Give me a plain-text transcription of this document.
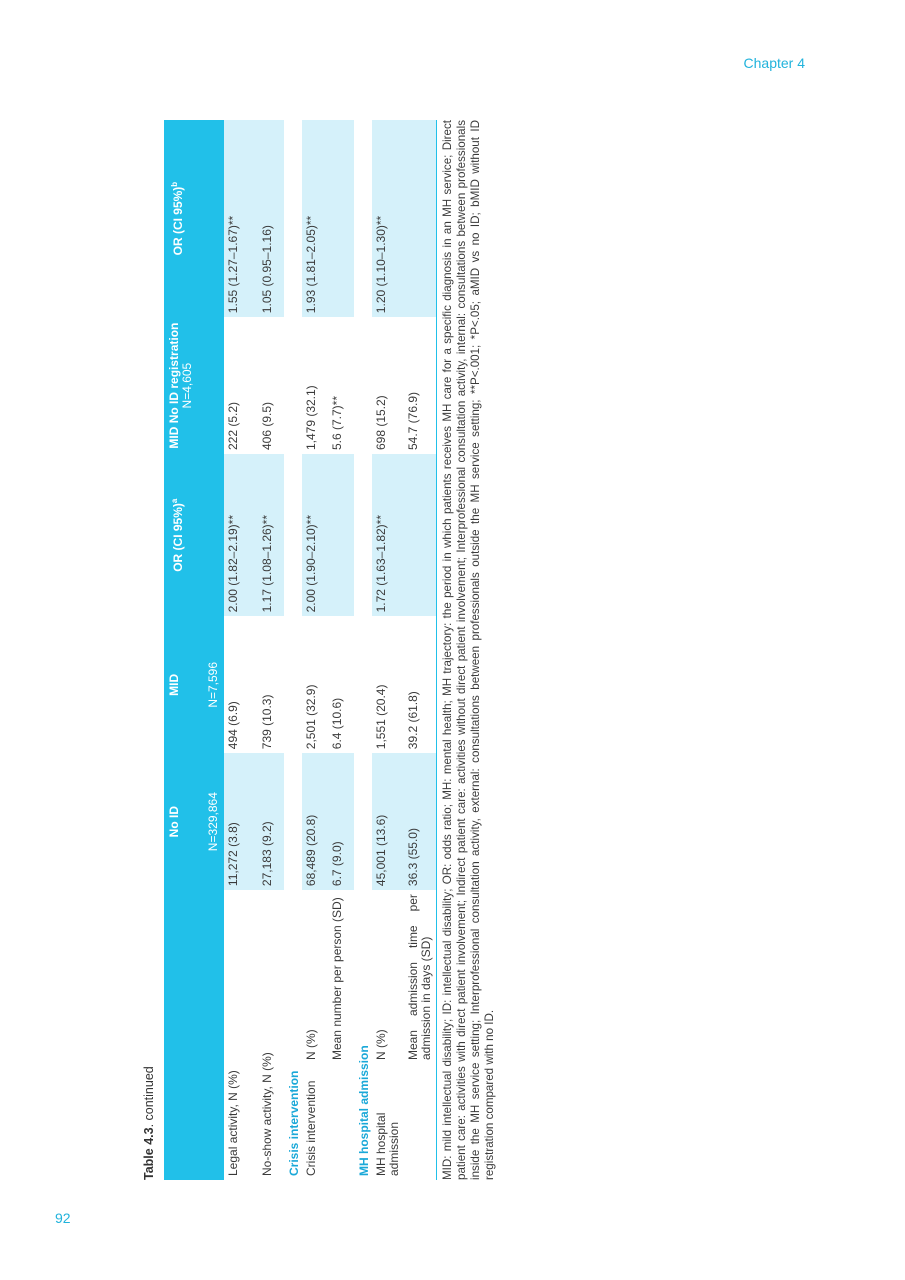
Chapter 4
92
Table 4.3. continued
		No ID N=329,864	MID N=7,596	OR (CI 95%)$^a$	MID No ID registration N=4,605	OR (CI 95%)$^b$
Legal activity, N (%)		11,272 (3.8)	494 (6.9)	2.00 (1.82–2.19)**	222 (5.2)	1.55 (1.27–1.67)**

No-show activity, N (%)		27,183 (9.2)	739 (10.3)	1.17 (1.08–1.26)**	406 (9.5)	1.05 (0.95–1.16)
Crisis intervention						
Crisis intervention	N (%)	68,489 (20.8)	2,501 (32.9)	2.00 (1.90–2.10)**	1,479 (32.1)	1.93 (1.81–2.05)**
	Mean number per person (SD)	6.7 (9.0)	6.4 (10.6)		5.6 (7.7)**	
MH hospital admission						
MH hospital admission	N (%)	45,001 (13.6)	1,551 (20.4)	1.72 (1.63–1.82)**	698 (15.2)	1.20 (1.10–1.30)**
	Mean admission time per admission in days (SD)	36.3 (55.0)	39.2 (61.8)		54.7 (76.9)	MID: mild intellectual disability; ID: intellectual disability; OR: odds ratio; MH: mental health; MH trajectory: the period in which patients receives MH care for a specific diagnosis in an MH service; Direct patient care: activities with direct patient involvement; Indirect patient care: activities without direct patient involvement; Interprofessional consultation activity, internal: consultations between professionals inside the MH service setting; Interprofessional consultation activity, external: consultations between professionals outside the MH service setting; **P<.001; *P<.05; aMID vs no ID; bMID without ID registration compared with no ID.
